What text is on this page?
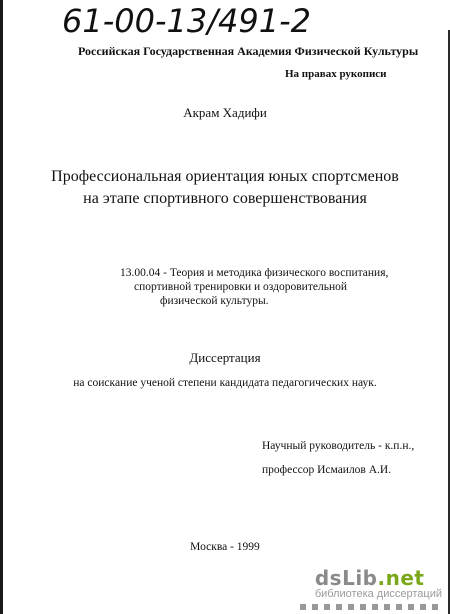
61-00-13/491-2
Российская Государственная Академия Физической Культуры
На правах рукописи
Акрам Хадифи
Профессиональная ориентация юных спортсменов
на этапе спортивного совершенствования
13.00.04 - Теория и методика физического воспитания,
спортивной тренировки и оздоровительной
физической культуры.
Диссертация
на соискание ученой степени кандидата педагогических наук.
Научный руководитель - к.п.н.,
профессор Исмаилов А.И.
Москва - 1999
dsLib.net
библиотека диссертаций
